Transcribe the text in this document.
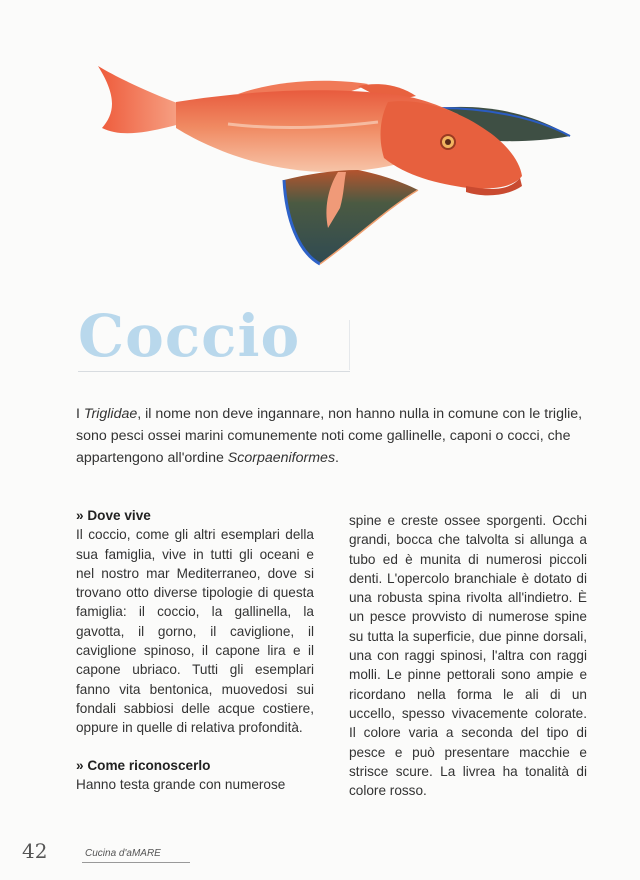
Coccio

I Triglidae, il nome non deve ingannare, non hanno nulla in comune con le triglie, sono pesci ossei marini comunemente noti come gallinelle, caponi o cocci, che appartengono all'ordine Scorpaeniformes.

» Dove vive

Il coccio, come gli altri esemplari della sua famiglia, vive in tutti gli oceani e nel nostro mar Mediterraneo, dove si trovano otto diverse tipologie di questa famiglia: il coccio, la gallinella, la gavotta, il gorno, il caviglione, il caviglione spinoso, il capone lira e il capone ubriaco. Tutti gli esemplari fanno vita bentonica, muovedosi sui fondali sabbiosi delle acque costiere, oppure in quelle di relativa profondità.

» Come riconoscerlo

Hanno testa grande con numerose

spine e creste ossee sporgenti. Occhi grandi, bocca che talvolta si allunga a tubo ed è munita di numerosi piccoli denti. L'opercolo branchiale è dotato di una robusta spina rivolta all'indietro. È un pesce provvisto di numerose spine su tutta la superficie, due pinne dorsali, una con raggi spinosi, l'altra con raggi molli. Le pinne pettorali sono ampie e ricordano nella forma le ali di un uccello, spesso vivacemente colorate. Il colore varia a seconda del tipo di pesce e può presentare macchie e strisce scure. La livrea ha tonalità di colore rosso.

42	Cucina d'aMARE
